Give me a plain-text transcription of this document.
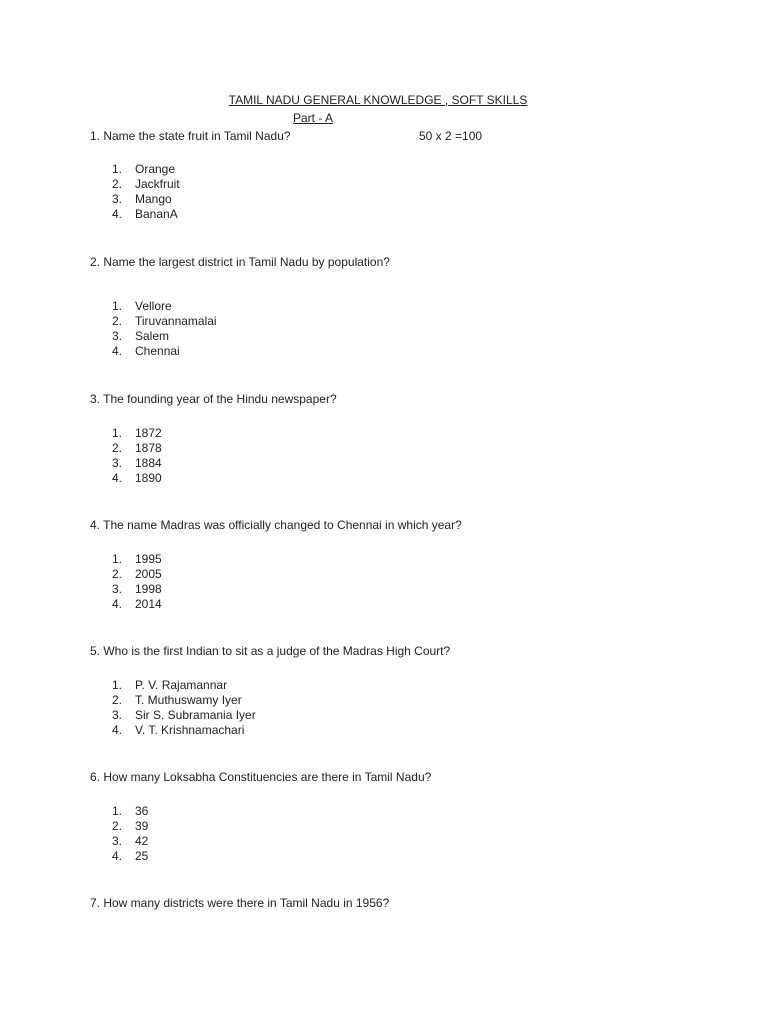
TAMIL NADU GENERAL KNOWLEDGE , SOFT SKILLS
Part - A
50 x 2 =100
1. Name the state fruit in Tamil Nadu?
1. Orange
2. Jackfruit
3. Mango
4. BananA
2. Name the largest district in Tamil Nadu by population?
1. Vellore
2. Tiruvannamalai
3. Salem
4. Chennai
3. The founding year of the Hindu newspaper?
1. 1872
2. 1878
3. 1884
4. 1890
4. The name Madras was officially changed to Chennai in which year?
1. 1995
2. 2005
3. 1998
4. 2014
5. Who is the first Indian to sit as a judge of the Madras High Court?
1. P. V. Rajamannar
2. T. Muthuswamy Iyer
3. Sir S. Subramania Iyer
4. V. T. Krishnamachari
6. How many Loksabha Constituencies are there in Tamil Nadu?
1. 36
2. 39
3. 42
4. 25
7. How many districts were there in Tamil Nadu in 1956?
